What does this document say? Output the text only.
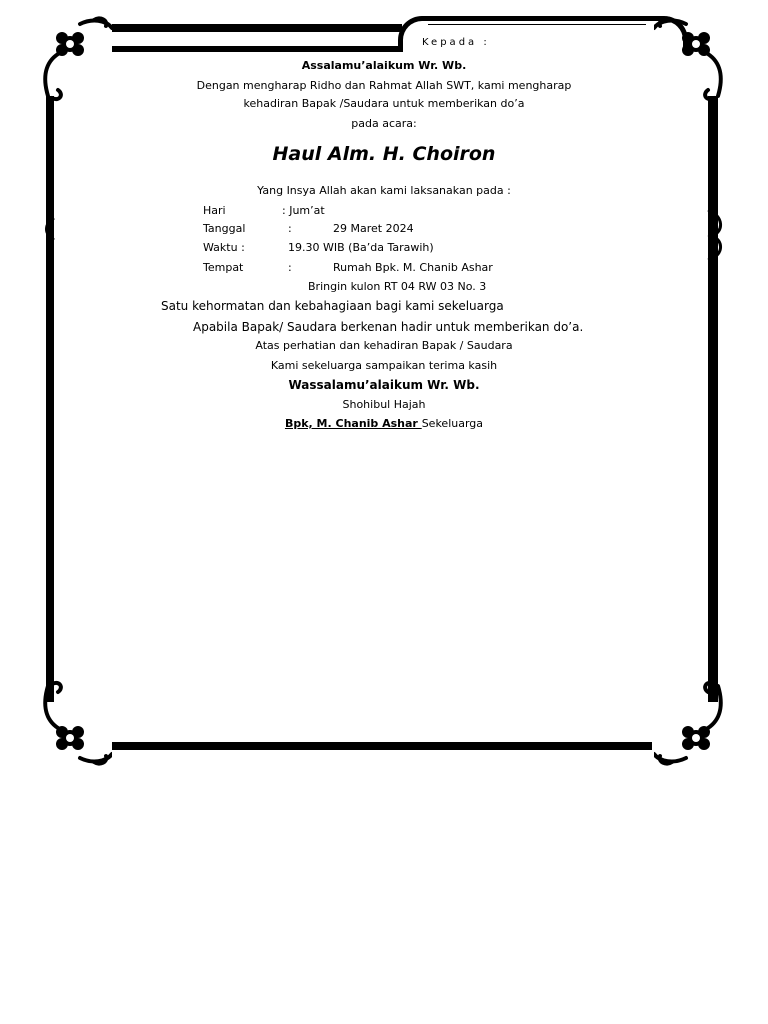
Kepada :
Assalamu’alaikum Wr. Wb.
Dengan mengharap Ridho dan Rahmat Allah SWT, kami mengharap
kehadiran Bapak /Saudara untuk memberikan do’a
pada acara:
Haul Alm. H. Choiron
Yang Insya Allah akan kami laksanakan pada :
Hari	: Jum’at
Tanggal	:	29 Maret 2024
Waktu :	19.30 WIB (Ba’da Tarawih)
Tempat	:	Rumah Bpk. M. Chanib Ashar
Bringin kulon RT 04 RW 03 No. 3
Satu kehormatan dan kebahagiaan bagi kami sekeluarga
Apabila Bapak/ Saudara berkenan hadir untuk memberikan do’a.
Atas perhatian dan kehadiran Bapak / Saudara
Kami sekeluarga sampaikan terima kasih
Wassalamu’alaikum Wr. Wb.
Shohibul Hajah
Bpk, M. Chanib Ashar Sekeluarga
